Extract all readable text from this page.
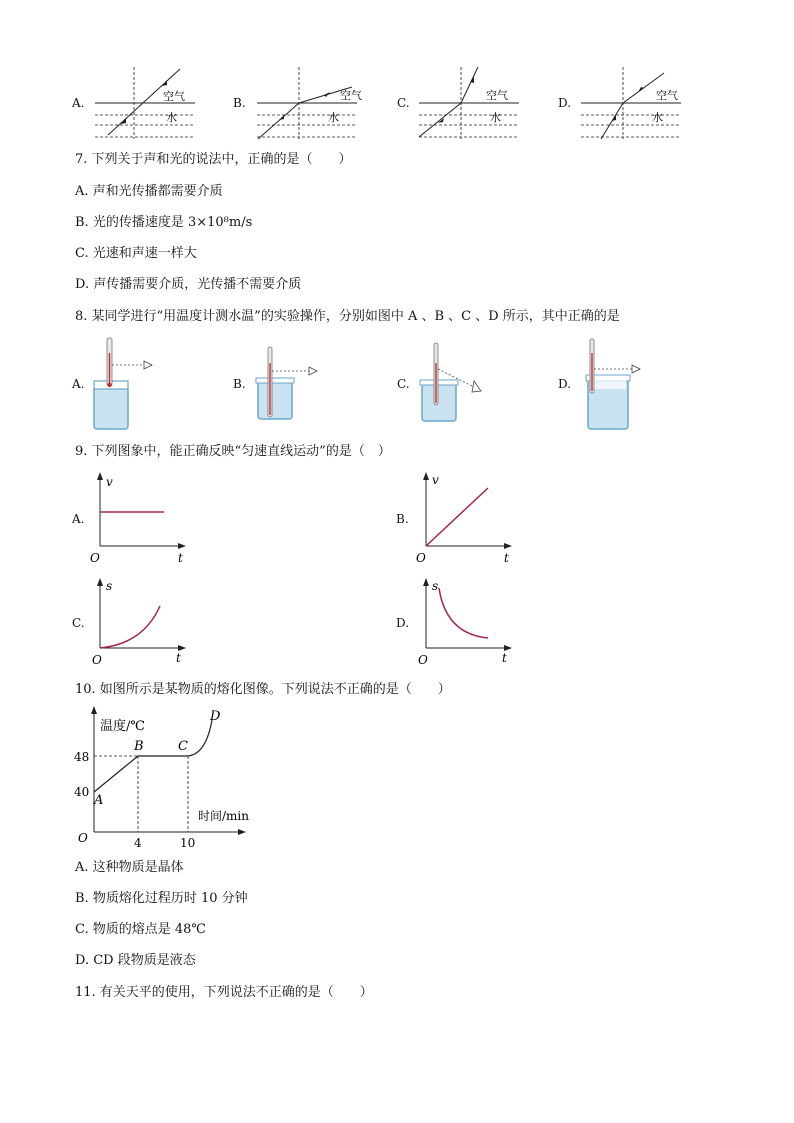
A.	空气
水
B.
空气
水
C.
空气
水
D.
空气
水
7. 下列关于声和光的说法中，正确的是（　　）
A. 声和光传播都需要介质
B. 光的传播速度是 3×10⁸m/s
C. 光速和声速一样大
D. 声传播需要介质，光传播不需要介质
8. 某同学进行“用温度计测水温”的实验操作，分别如图中 A 、B 、C 、D 所示，其中正确的是
A.	B.	C.	D.
9. 下列图象中，能正确反映“匀速直线运动”的是（　）
A.
v
t
O
B.
v
t
O
C.
s
t
O
D.
s
t
O
10. 如图所示是某物质的熔化图像。下列说法不正确的是（　　）
温度/℃
时间/min
O
48
40
4	10
A
B	C
D
A. 这种物质是晶体
B. 物质熔化过程历时 10 分钟
C. 物质的熔点是 48℃
D. CD 段物质是液态
11. 有关天平的使用，下列说法不正确的是（　　）
